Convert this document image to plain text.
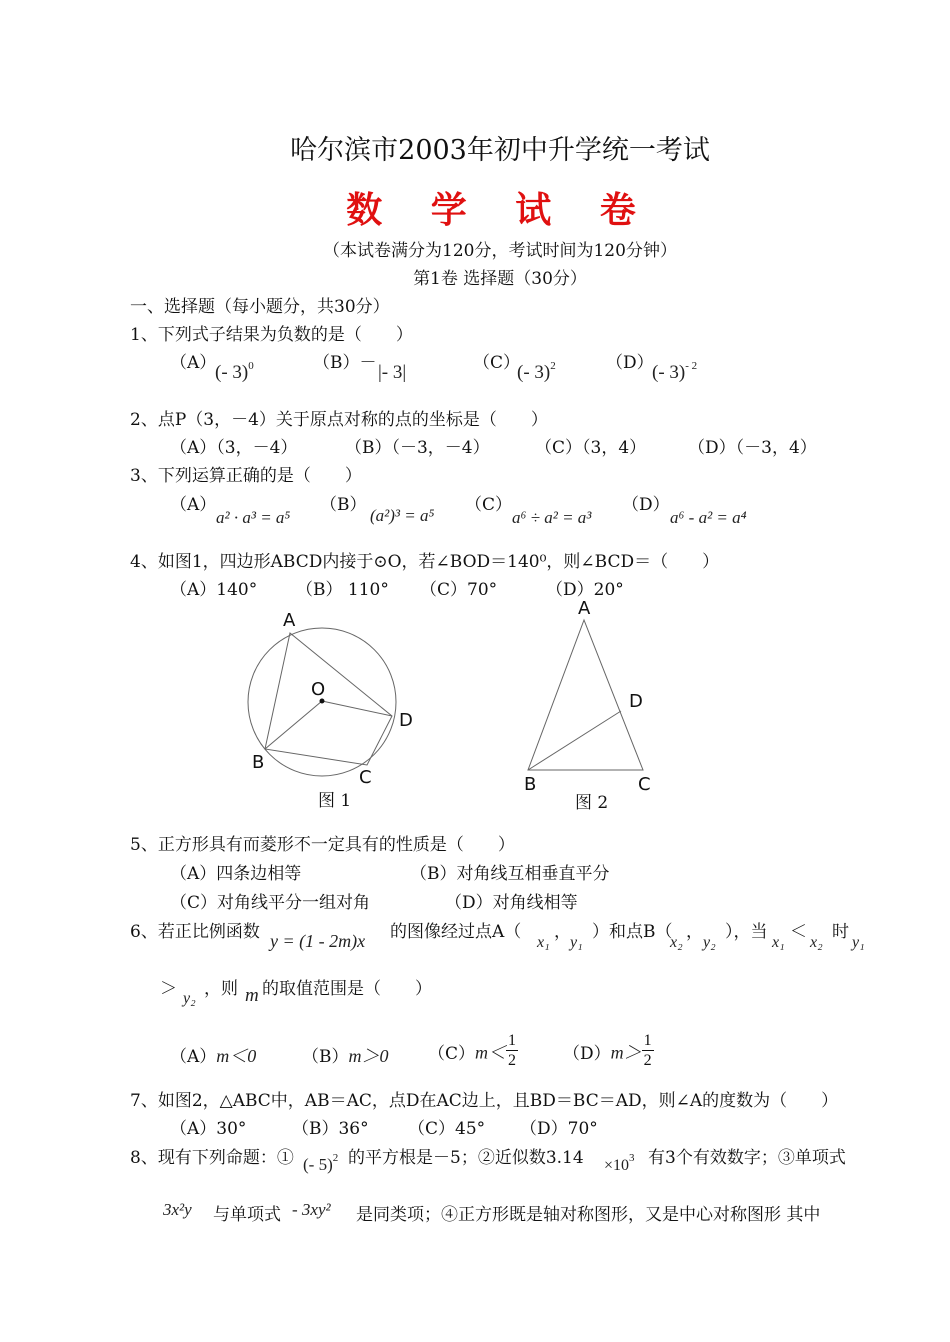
哈尔滨市2003年初中升学统一考试
数 学 试 卷
（本试卷满分为120分，考试时间为120分钟）
第1卷 选择题（30分）
一、选择题（每小题分，共30分）
1、下列式子结果为负数的是（　　）
（A）
(- 3)$^0$	（B）－ |- 3|	（C）
(- 3)$^2$	（D）
(- 3)$^{- 2}$
2、点P（3，－4）关于原点对称的点的坐标是（　　）
（A）（3，－4）	（B）（－3，－4）	（C）（3，4） （D）（－3，4）
3、下列运算正确的是（　　）
（A）
a² · a³ = a⁵
（B）
(a²)³ = a⁵
（C）
a⁶ ÷ a² = a³
（D）
a⁶ - a² = a⁴
4、如图1，四边形ABCD内接于⊙O，若∠BOD＝140⁰，则∠BCD＝（　　）
（A）140° （B） 110° （C）70°	（D）20°
A
O
D
B
C
图 1
A
D
B	C
图 2
5、正方形具有而菱形不一定具有的性质是（　　）
（A）四条边相等	（B）对角线互相垂直平分
（C）对角线平分一组对角	（D）对角线相等
6、若正比例函数 y = (1 - 2m)x 的图像经过点A（
x₁
，
y₁
）和点B（
x₂
，
y₂
），当
x₁
＜
x₂
时
y₁
＞ y₂ ，则 m 的取值范围是（　　）
（A）m＜0	（B）m＞0 $(C)m< \frac{1}{2}$	$(D)m> \frac{1}{2}$
7、如图2，△ABC中，AB＝AC，点D在AC边上，且BD＝BC＝AD，则∠A的度数为（　　）
（A）30°	（B）36° （C）45° （D）70°
8、现有下列命题：① (- 5)$^2$ 的平方根是－5；②近似数$3.14 \times 10^3$ 有3个有效数字；③单项式
3x²y 与单项式 - 3xy² 是同类项；④正方形既是轴对称图形，又是中心对称图形 其中
